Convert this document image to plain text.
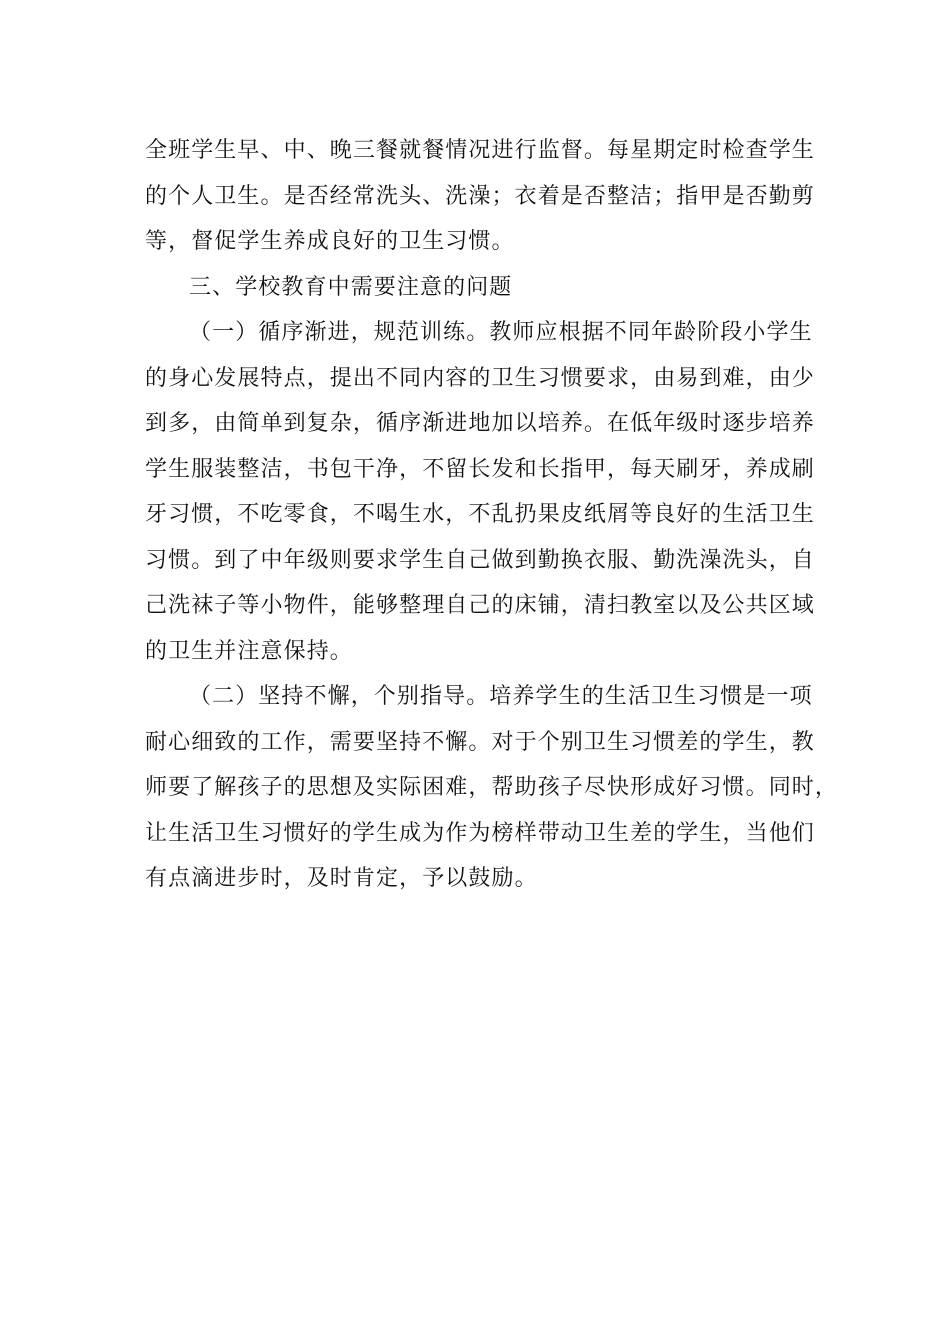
全班学生早、中、晚三餐就餐情况进行监督。每星期定时检查学生
的个人卫生。是否经常洗头、洗澡；衣着是否整洁；指甲是否勤剪
等，督促学生养成良好的卫生习惯。

三、学校教育中需要注意的问题

（一）循序渐进，规范训练。教师应根据不同年龄阶段小学生
的身心发展特点，提出不同内容的卫生习惯要求，由易到难，由少
到多，由简单到复杂，循序渐进地加以培养。在低年级时逐步培养
学生服装整洁，书包干净，不留长发和长指甲，每天刷牙，养成刷
牙习惯，不吃零食，不喝生水，不乱扔果皮纸屑等良好的生活卫生
习惯。到了中年级则要求学生自己做到勤换衣服、勤洗澡洗头，自
己洗袜子等小物件，能够整理自己的床铺，清扫教室以及公共区域
的卫生并注意保持。

（二）坚持不懈，个别指导。培养学生的生活卫生习惯是一项
耐心细致的工作，需要坚持不懈。对于个别卫生习惯差的学生，教
师要了解孩子的思想及实际困难，帮助孩子尽快形成好习惯。同时，
让生活卫生习惯好的学生成为作为榜样带动卫生差的学生，当他们
有点滴进步时，及时肯定，予以鼓励。
